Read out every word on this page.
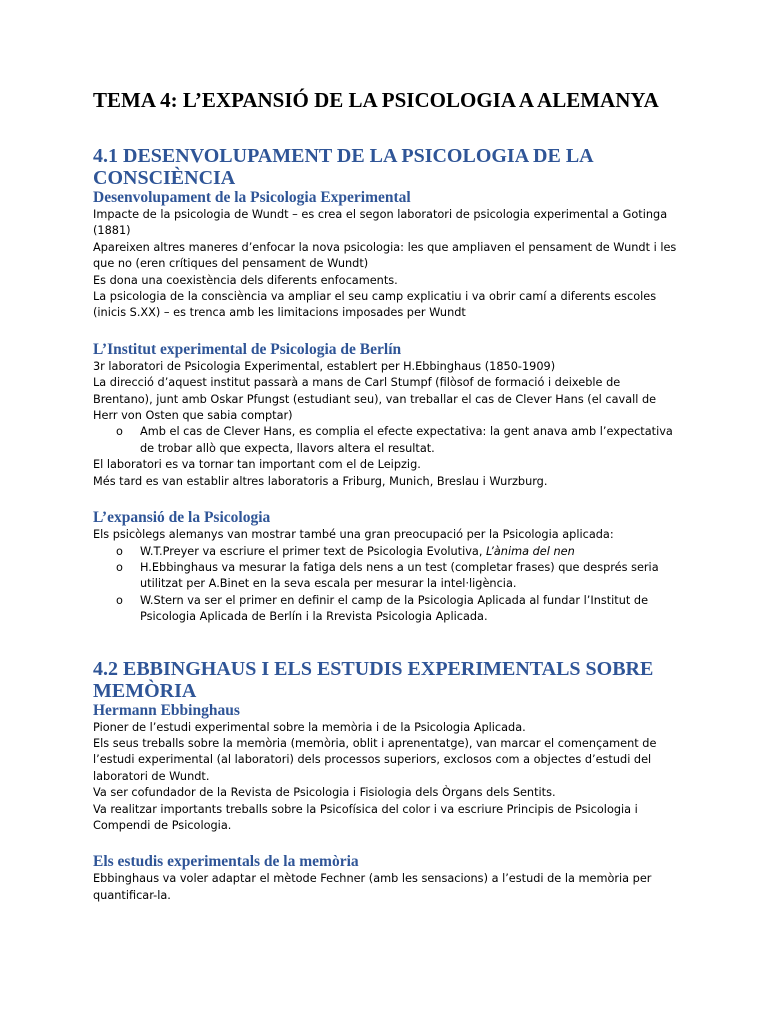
TEMA 4: L’EXPANSIÓ DE LA PSICOLOGIA A ALEMANYA
4.1 DESENVOLUPAMENT DE LA PSICOLOGIA DE LA CONSCIÈNCIA
Desenvolupament de la Psicologia Experimental

Impacte de la psicologia de Wundt – es crea el segon laboratori de psicologia experimental a Gotinga (1881)

Apareixen altres maneres d’enfocar la nova psicologia: les que ampliaven el pensament de Wundt i les que no (eren crítiques del pensament de Wundt)

Es dona una coexistència dels diferents enfocaments.

La psicologia de la consciència va ampliar el seu camp explicatiu i va obrir camí a diferents escoles (inicis S.XX) – es trenca amb les limitacions imposades per Wundt

L’Institut experimental de Psicologia de Berlín

3r laboratori de Psicologia Experimental, establert per H.Ebbinghaus (1850-1909)

La direcció d’aquest institut passarà a mans de Carl Stumpf (filòsof de formació i deixeble de Brentano), junt amb Oskar Pfungst (estudiant seu), van treballar el cas de Clever Hans (el cavall de Herr von Osten que sabia comptar)

o Amb el cas de Clever Hans, es complia el efecte expectativa: la gent anava amb l’expectativa de trobar allò que expecta, llavors altera el resultat.

El laboratori es va tornar tan important com el de Leipzig.

Més tard es van establir altres laboratoris a Friburg, Munich, Breslau i Wurzburg.

L’expansió de la Psicologia

Els psicòlegs alemanys van mostrar també una gran preocupació per la Psicologia aplicada:

o W.T.Preyer va escriure el primer text de Psicologia Evolutiva, L’ànima del nen
o H.Ebbinghaus va mesurar la fatiga dels nens a un test (completar frases) que després seria utilitzat per A.Binet en la seva escala per mesurar la intel·ligència.
o W.Stern va ser el primer en definir el camp de la Psicologia Aplicada al fundar l’Institut de Psicologia Aplicada de Berlín i la Rrevista Psicologia Aplicada.
4.2 EBBINGHAUS I ELS ESTUDIS EXPERIMENTALS SOBRE MEMÒRIA
Hermann Ebbinghaus

Pioner de l’estudi experimental sobre la memòria i de la Psicologia Aplicada.

Els seus treballs sobre la memòria (memòria, oblit i aprenentatge), van marcar el començament de l’estudi experimental (al laboratori) dels processos superiors, exclosos com a objectes d’estudi del laboratori de Wundt.

Va ser cofundador de la Revista de Psicologia i Fisiologia dels Òrgans dels Sentits.

Va realitzar importants treballs sobre la Psicofísica del color i va escriure Principis de Psicologia i Compendi de Psicologia.

Els estudis experimentals de la memòria

Ebbinghaus va voler adaptar el mètode Fechner (amb les sensacions) a l’estudi de la memòria per quantificar-la.
